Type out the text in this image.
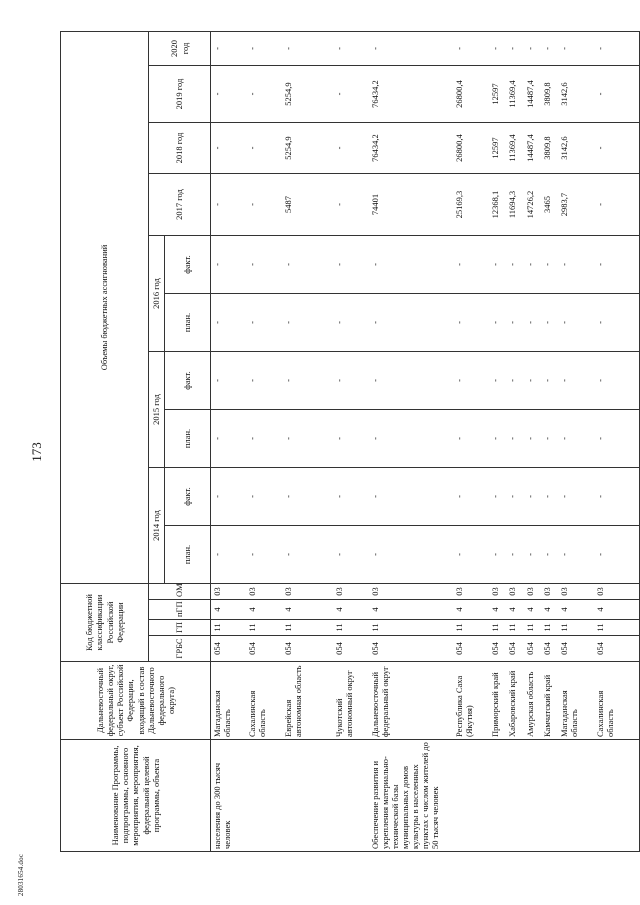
173
28031654.doc
Наименование Программы, подпрограммы, основного мероприятия, мероприятия, федеральной целевой программы, объекта	Дальневосточный федеральный округ, субъект Российской Федерации, входящий в состав Дальневосточного федерального округа)	Код бюджетной классификации Российской Федерации				Объемы бюджетных ассигнований									
		ГРБС	ГП	пГП	ОМ	2014 год		2015 год		2016 год		2017 год	2018 год	2019 год	2020 год
						план.	факт.	план.	факт.	план.	факт.				
населения до 300 тысяч человек	Магаданская область	054	11	4	03	-	-	-	-	-	-	-	-	-	-
	Сахалинская область	054	11	4	03	-	-	-	-	-	-	-	-	-	-
	Еврейская автономная область	054	11	4	03	-	-	-	-	-	-	5487	5254,9	5254,9	-
	Чукотский автономный округ	054	11	4	03	-	-	-	-	-	-	-	-	-	-
Обеспечение развития и укрепления материально-технической базы муниципальных домов культуры в населенных пунктах с числом жителей до 50 тысяч человек	Дальневосточный федеральный округ	054	11	4	03	-	-	-	-	-	-	74401	76434,2	76434,2	-
	Республика Саха (Якутия)	054	11	4	03	-	-	-	-	-	-	25169,3	26800,4	26800,4	-
	Приморский край	054	11	4	03	-	-	-	-	-	-	12368,1	12597	12597	-
	Хабаровский край	054	11	4	03	-	-	-	-	-	-	11694,3	11369,4	11369,4	-
	Амурская область	054	11	4	03	-	-	-	-	-	-	14726,2	14487,4	14487,4	-
	Камчатский край	054	11	4	03	-	-	-	-	-	-	3465	3809,8	3809,8	-
	Магаданская область	054	11	4	03	-	-	-	-	-	-	2983,7	3142,6	3142,6	-
	Сахалинская область	054	11	4	03	-	-	-	-	-	-	-	-	-	-
